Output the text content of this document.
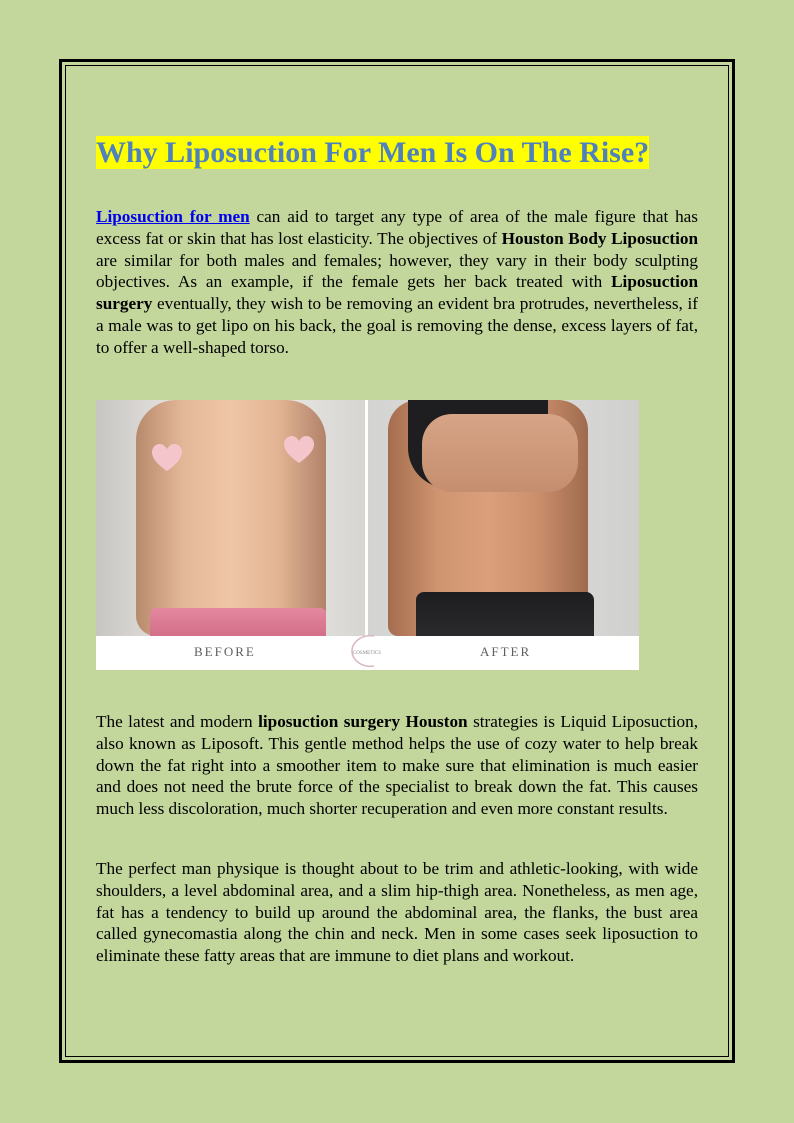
Why Liposuction For Men Is On The Rise?

Liposuction for men can aid to target any type of area of the male figure that has excess fat or skin that has lost elasticity. The objectives of Houston Body Liposuction are similar for both males and females; however, they vary in their body sculpting objectives. As an example, if the female gets her back treated with Liposuction surgery eventually, they wish to be removing an evident bra protrudes, nevertheless, if a male was to get lipo on his back, the goal is removing the dense, excess layers of fat, to offer a well-shaped torso.

BEFORE	COSMETICS	AFTER

The latest and modern liposuction surgery Houston strategies is Liquid Liposuction, also known as Liposoft. This gentle method helps the use of cozy water to help break down the fat right into a smoother item to make sure that elimination is much easier and does not need the brute force of the specialist to break down the fat. This causes much less discoloration, much shorter recuperation and even more constant results.

The perfect man physique is thought about to be trim and athletic-looking, with wide shoulders, a level abdominal area, and a slim hip-thigh area. Nonetheless, as men age, fat has a tendency to build up around the abdominal area, the flanks, the bust area called gynecomastia along the chin and neck. Men in some cases seek liposuction to eliminate these fatty areas that are immune to diet plans and workout.
